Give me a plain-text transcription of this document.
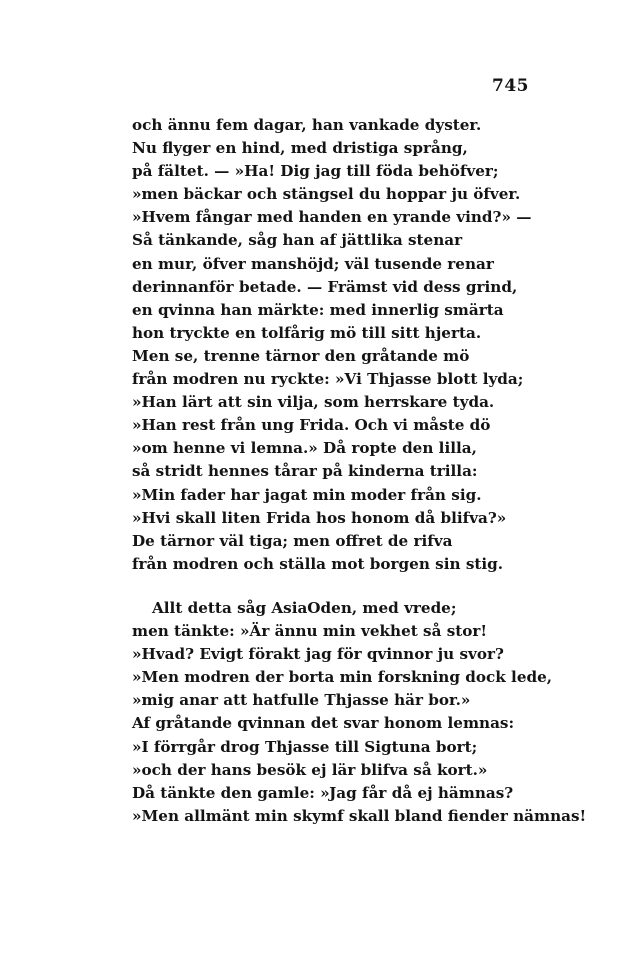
745
och ännu fem dagar, han vankade dyster.
Nu flyger en hind, med dristiga språng,
på fältet. — »Ha! Dig jag till föda behöfver;
»men bäckar och stängsel du hoppar ju öfver.
»Hvem fångar med handen en yrande vind?» —
Så tänkande, såg han af jättlika stenar
en mur, öfver manshöjd; väl tusende renar
derinnanför betade. — Främst vid dess grind,
en qvinna han märkte: med innerlig smärta
hon tryckte en tolfårig mö till sitt hjerta.
Men se, trenne tärnor den gråtande mö
från modren nu ryckte: »Vi Thjasse blott lyda;
»Han lärt att sin vilja, som herrskare tyda.
»Han rest från ung Frida. Och vi måste dö
»om henne vi lemna.» Då ropte den lilla,
så stridt hennes tårar på kinderna trilla:
»Min fader har jagat min moder från sig.
»Hvi skall liten Frida hos honom då blifva?»
De tärnor väl tiga; men offret de rifva
från modren och ställa mot borgen sin stig.
Allt detta såg AsiaOden, med vrede;
men tänkte: »Är ännu min vekhet så stor!
»Hvad? Evigt förakt jag för qvinnor ju svor?
»Men modren der borta min forskning dock lede,
»mig anar att hatfulle Thjasse här bor.»
Af gråtande qvinnan det svar honom lemnas:
»I förrgår drog Thjasse till Sigtuna bort;
»och der hans besök ej lär blifva så kort.»
Då tänkte den gamle: »Jag får då ej hämnas?
»Men allmänt min skymf skall bland fiender nämnas!
